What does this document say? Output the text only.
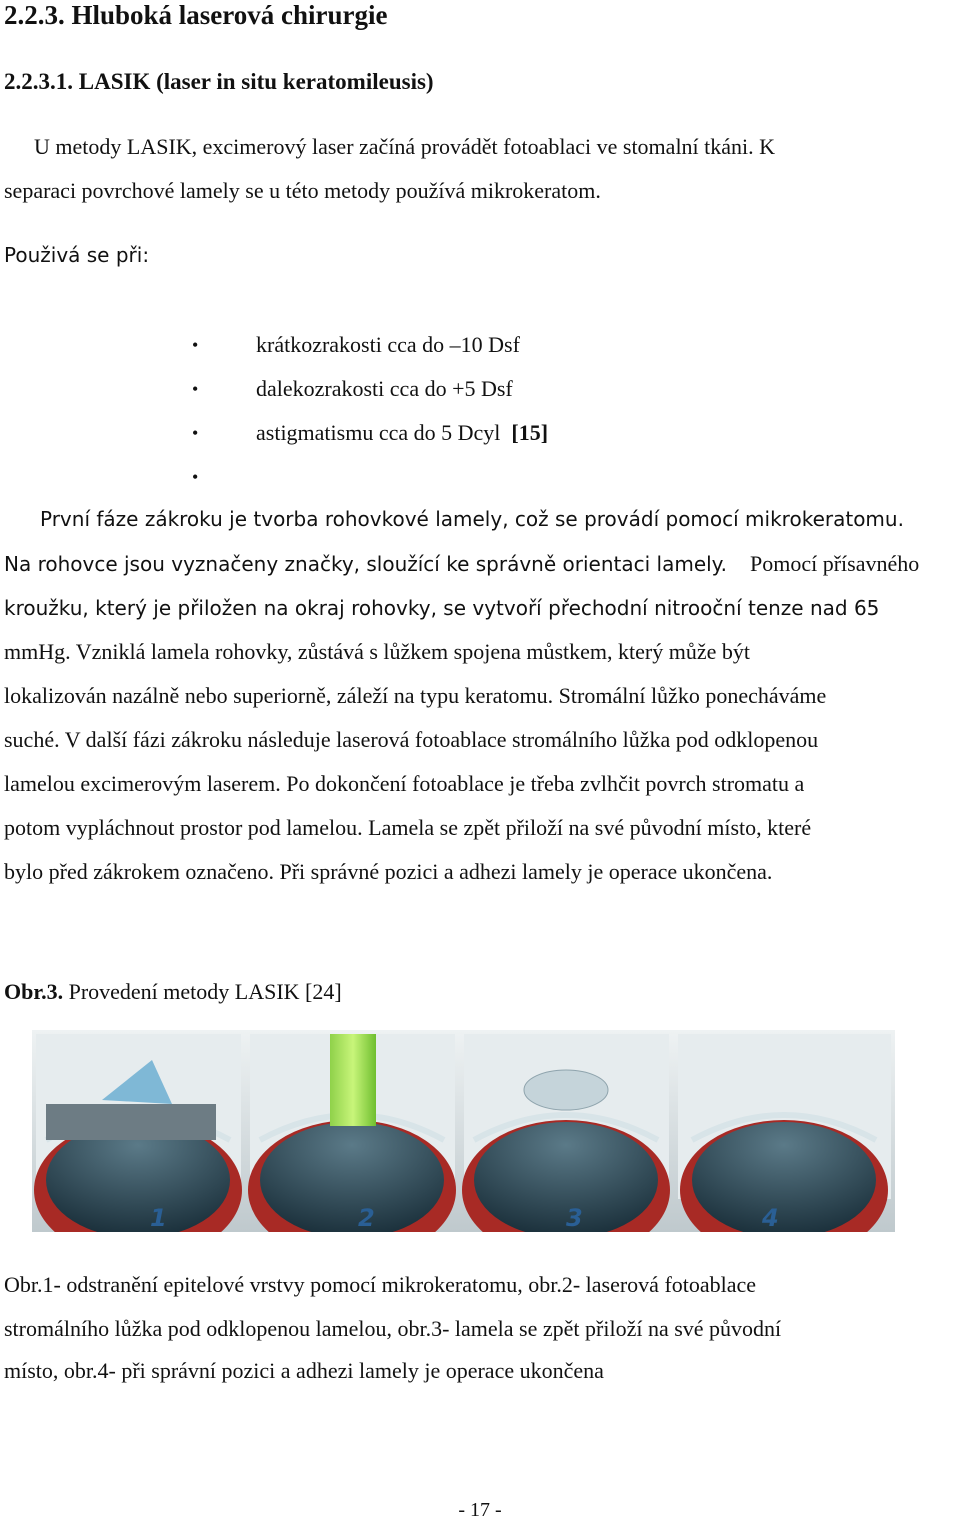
2.2.3. Hluboká laserová chirurgie
2.2.3.1. LASIK (laser in situ keratomileusis)
U metody LASIK, excimerový laser začíná provádět fotoablaci ve stomalní tkáni. K
separaci povrchové lamely se u této metody používá mikrokeratom.
Použivá se při:
•	krátkozrakosti cca do –10 Dsf
•	dalekozrakosti cca do +5 Dsf
•	astigmatismu cca do 5 Dcyl [15]
•
První fáze zákroku je tvorba rohovkové lamely, což se provádí pomocí mikrokeratomu.
Na rohovce jsou vyznačeny značky, sloužící ke správně orientaci lamely. Pomocí přísavného
kroužku, který je přiložen na okraj rohovky, se vytvoří přechodní nitrooční tenze nad 65
mmHg. Vzniklá lamela rohovky, zůstává s lůžkem spojena můstkem, který může být
lokalizován nazálně nebo superiorně, záleží na typu keratomu. Stromální lůžko ponecháváme
suché. V další fázi zákroku následuje laserová fotoablace stromálního lůžka pod odklopenou
lamelou excimerovým laserem. Po dokončení fotoablace je třeba zvlhčit povrch stromatu a
potom vypláchnout prostor pod lamelou. Lamela se zpět přiloží na své původní místo, které
bylo před zákrokem označeno. Při správné pozici a adhezi lamely je operace ukončena.
Obr.3. Provedení metody LASIK [24]
1	2	3	4
Obr.1- odstranění epitelové vrstvy pomocí mikrokeratomu, obr.2- laserová fotoablace
stromálního lůžka pod odklopenou lamelou, obr.3- lamela se zpět přiloží na své původní
místo, obr.4- při správní pozici a adhezi lamely je operace ukončena
- 17 -
